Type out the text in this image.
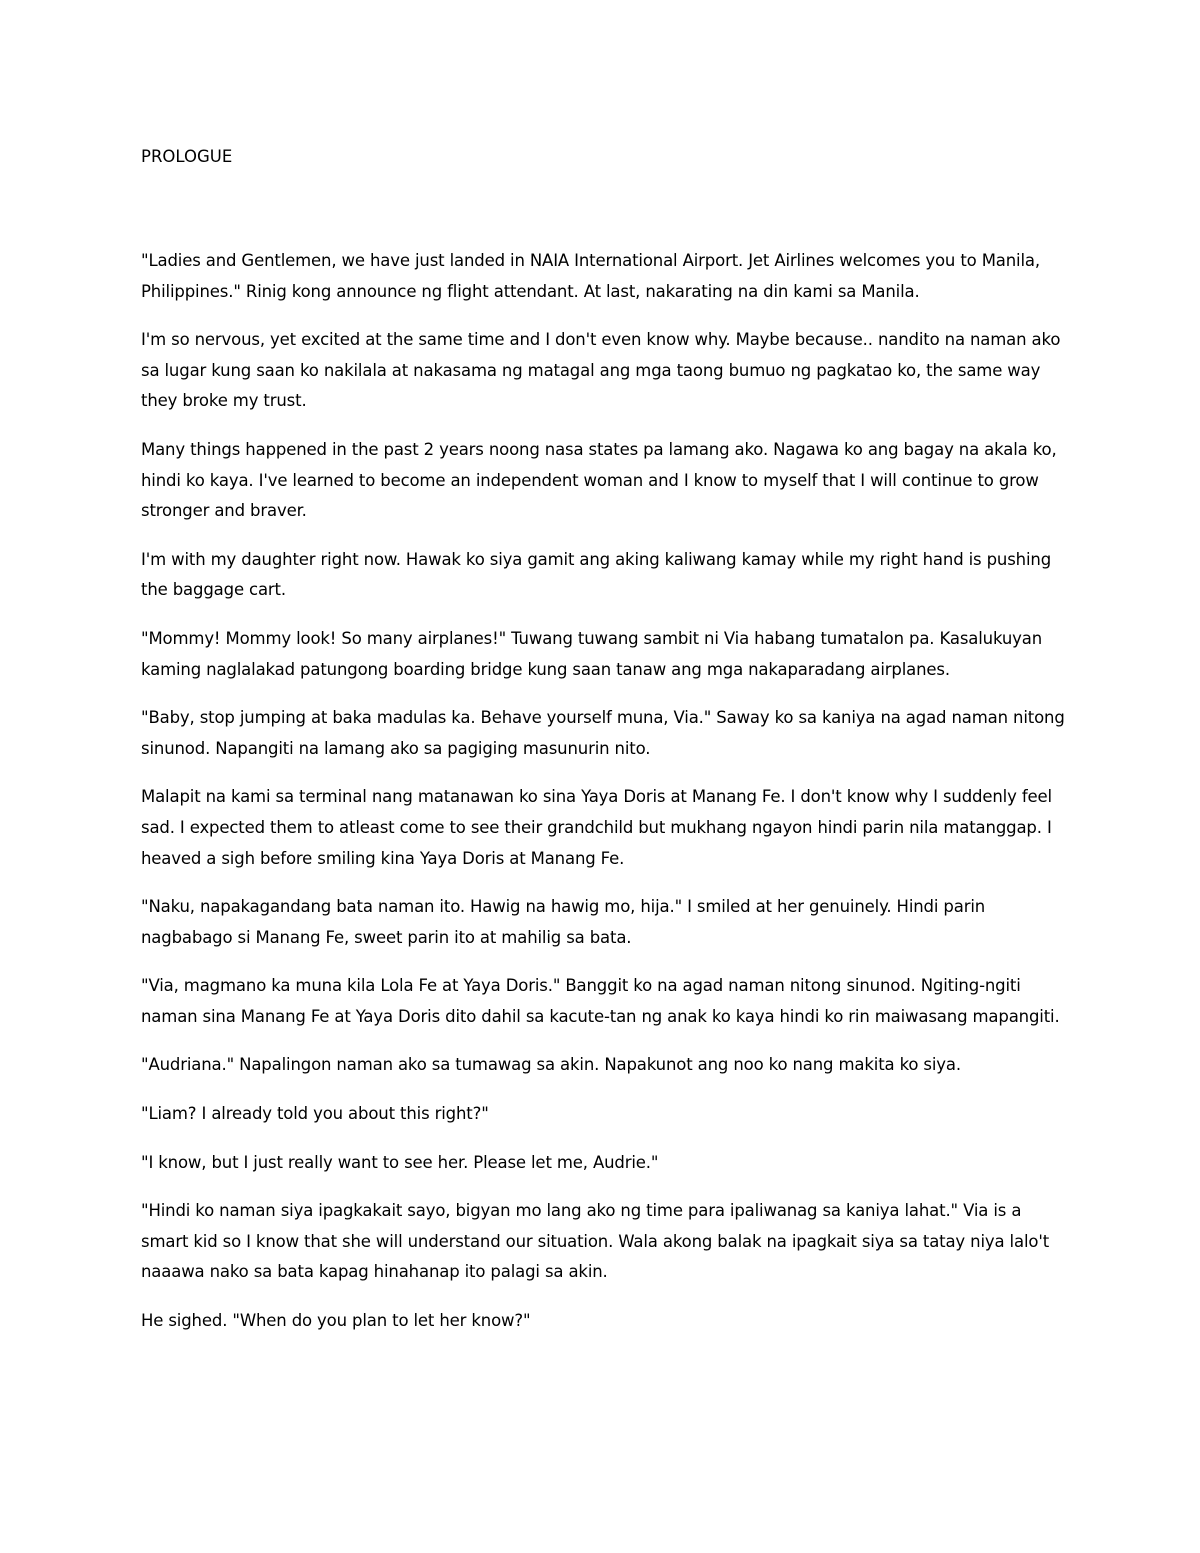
PROLOGUE

"Ladies and Gentlemen, we have just landed in NAIA International Airport. Jet Airlines welcomes you to Manila, Philippines." Rinig kong announce ng flight attendant. At last, nakarating na din kami sa Manila.

I'm so nervous, yet excited at the same time and I don't even know why. Maybe because.. nandito na naman ako sa lugar kung saan ko nakilala at nakasama ng matagal ang mga taong bumuo ng pagkatao ko, the same way they broke my trust.

Many things happened in the past 2 years noong nasa states pa lamang ako. Nagawa ko ang bagay na akala ko, hindi ko kaya. I've learned to become an independent woman and I know to myself that I will continue to grow stronger and braver.

I'm with my daughter right now. Hawak ko siya gamit ang aking kaliwang kamay while my right hand is pushing the baggage cart.

"Mommy! Mommy look! So many airplanes!" Tuwang tuwang sambit ni Via habang tumatalon pa. Kasalukuyan kaming naglalakad patungong boarding bridge kung saan tanaw ang mga nakaparadang airplanes.

"Baby, stop jumping at baka madulas ka. Behave yourself muna, Via." Saway ko sa kaniya na agad naman nitong sinunod. Napangiti na lamang ako sa pagiging masunurin nito.

Malapit na kami sa terminal nang matanawan ko sina Yaya Doris at Manang Fe. I don't know why I suddenly feel sad. I expected them to atleast come to see their grandchild but mukhang ngayon hindi parin nila matanggap. I heaved a sigh before smiling kina Yaya Doris at Manang Fe.

"Naku, napakagandang bata naman ito. Hawig na hawig mo, hija." I smiled at her genuinely. Hindi parin nagbabago si Manang Fe, sweet parin ito at mahilig sa bata.

"Via, magmano ka muna kila Lola Fe at Yaya Doris." Banggit ko na agad naman nitong sinunod. Ngiting-ngiti naman sina Manang Fe at Yaya Doris dito dahil sa kacute-tan ng anak ko kaya hindi ko rin maiwasang mapangiti.

"Audriana." Napalingon naman ako sa tumawag sa akin. Napakunot ang noo ko nang makita ko siya.

"Liam? I already told you about this right?"

"I know, but I just really want to see her. Please let me, Audrie."

"Hindi ko naman siya ipagkakait sayo, bigyan mo lang ako ng time para ipaliwanag sa kaniya lahat." Via is a smart kid so I know that she will understand our situation. Wala akong balak na ipagkait siya sa tatay niya lalo't naaawa nako sa bata kapag hinahanap ito palagi sa akin.

He sighed. "When do you plan to let her know?"
